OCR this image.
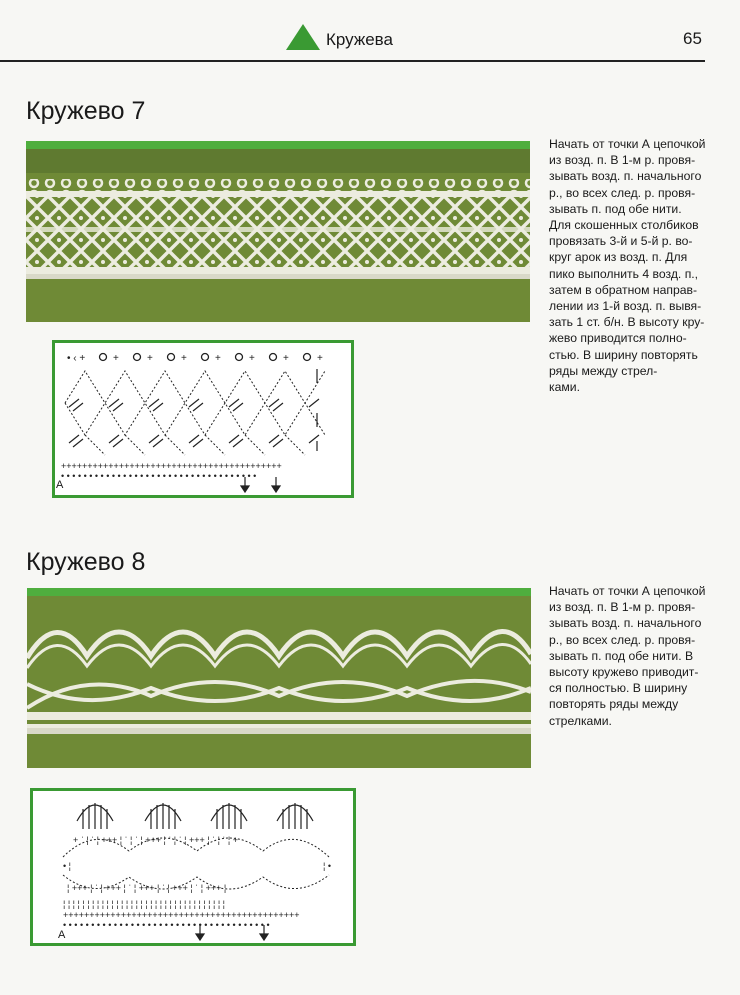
Кружева	65
Кружево 7
Начать от точки А цепочкой
из возд. п. В 1-м р. провя-
зывать возд. п. начального
р., во всех след. р. провя-
зывать п. под обе нити.
Для скошенных столбиков
провязать 3-й и 5-й р. во-
круг арок из возд. п. Для
пико выполнить 4 возд. п.,
затем в обратном направ-
лении из 1-й возд. п. вывя-
зать 1 ст. б/н. В высоту кру-
жево приводится полно-
стью. В ширину повторять
ряды между стрел-
ками.
• ‹ +	+	+	+	+	+	+	+
++++++++++++++++++++++++++++++++++++++++++
• • • • • • • • • • • • • • • • • • • • • • • • • • • • • • • • • • •
A
Кружево 8
Начать от точки А цепочкой
из возд. п. В 1-м р. провя-
зывать возд. п. начального
р., во всех след. р. провя-
зывать п. под обе нити. В
высоту кружево приводит-
ся полностью. В ширину
повторять ряды между
стрелками.
+ ˈ ¦ ˈ ¦ +++ ¦ ˈ ¦ ˈ ¦ +++ ¦ ˈ ¦ ˈ ¦ +++ ¦ ˈ ¦ ˈ ¦ +
• ¦	¦ •
¦ +++ ¦ ˈ ¦ +++ ¦ ˈ ¦ +++ ¦ ˈ ¦ +++ ¦ ˈ ¦ +++ ¦
¦ ¦ ¦ ¦ ¦ ¦ ¦ ¦ ¦ ¦ ¦ ¦ ¦ ¦ ¦ ¦ ¦ ¦ ¦ ¦ ¦ ¦ ¦ ¦ ¦ ¦ ¦ ¦ ¦ ¦ ¦ ¦ ¦ ¦
+++++++++++++++++++++++++++++++++++++++++++++
• • • • • • • • • • • • • • • • • • • • • • • • • • • • • • • • • • • • •
A
